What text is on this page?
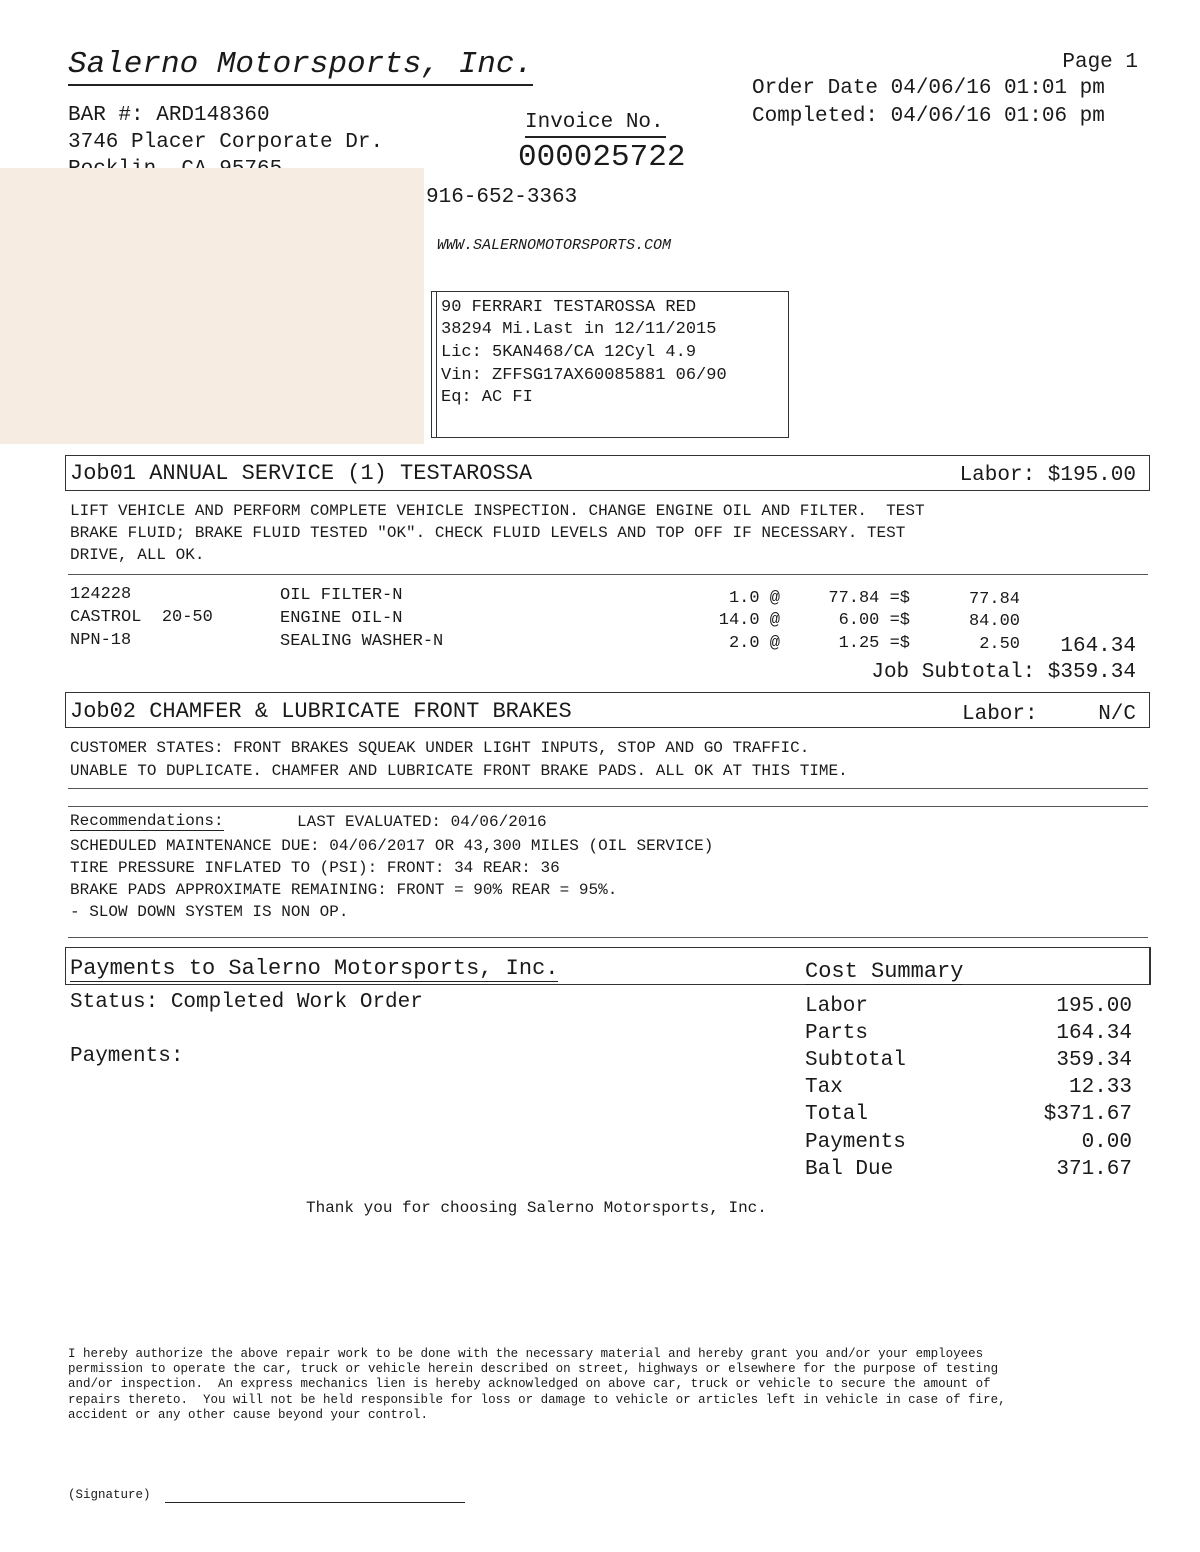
Salerno Motorsports, Inc.
BAR #: ARD148360
3746 Placer Corporate Dr.
Invoice No.
000025722
916-652-3363
WWW.SALERNOMOTORSPORTS.COM
Page 1
Order Date 04/06/16 01:01 pm
Completed: 04/06/16 01:06 pm
90 FERRARI TESTAROSSA RED
38294 Mi.Last in 12/11/2015
Lic: 5KAN468/CA 12Cyl 4.9
Vin: ZFFSG17AX60085881 06/90
Eq: AC FI
Job01 ANNUAL SERVICE (1) TESTAROSSA	Labor: $195.00
LIFT VEHICLE AND PERFORM COMPLETE VEHICLE INSPECTION. CHANGE ENGINE OIL AND FILTER.  TEST
BRAKE FLUID; BRAKE FLUID TESTED "OK". CHECK FLUID LEVELS AND TOP OFF IF NECESSARY. TEST
DRIVE, ALL OK.
124228	OIL FILTER-N	1.0 @	77.84 =$	77.84
CASTROL  20-50	ENGINE OIL-N	14.0 @	6.00 =$	84.00
NPN-18	SEALING WASHER-N	2.0 @	1.25 =$	2.50	164.34
Job Subtotal: $359.34
Job02 CHAMFER & LUBRICATE FRONT BRAKES	Labor:	N/C
CUSTOMER STATES: FRONT BRAKES SQUEAK UNDER LIGHT INPUTS, STOP AND GO TRAFFIC.
UNABLE TO DUPLICATE. CHAMFER AND LUBRICATE FRONT BRAKE PADS. ALL OK AT THIS TIME.
Recommendations:	LAST EVALUATED: 04/06/2016
SCHEDULED MAINTENANCE DUE: 04/06/2017 OR 43,300 MILES (OIL SERVICE)
TIRE PRESSURE INFLATED TO (PSI): FRONT: 34 REAR: 36
BRAKE PADS APPROXIMATE REMAINING: FRONT = 90% REAR = 95%.
- SLOW DOWN SYSTEM IS NON OP.
Payments to Salerno Motorsports, Inc.	Cost Summary
Status: Completed Work Order
Payments:
Labor	195.00
Parts	164.34
Subtotal	359.34
Tax	12.33
Total	$371.67
Payments	0.00
Bal Due	371.67
Thank you for choosing Salerno Motorsports, Inc.
I hereby authorize the above repair work to be done with the necessary material and hereby grant you and/or your employees
permission to operate the car, truck or vehicle herein described on street, highways or elsewhere for the purpose of testing
and/or inspection.  An express mechanics lien is hereby acknowledged on above car, truck or vehicle to secure the amount of
repairs thereto.  You will not be held responsible for loss or damage to vehicle or articles left in vehicle in case of fire,
accident or any other cause beyond your control.
(Signature)
